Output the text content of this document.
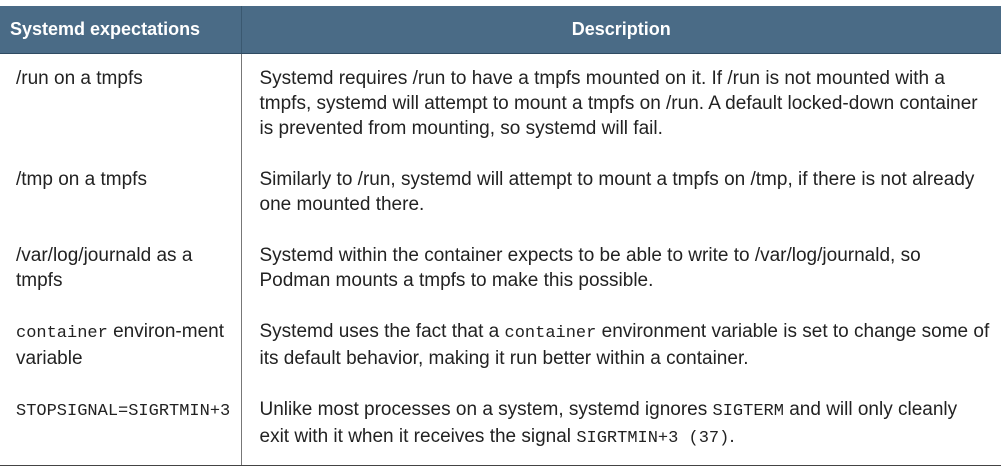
Systemd expectations	Description
/run on a tmpfs	Systemd requires /run to have a tmpfs mounted on it. If /run is not mounted with a tmpfs, systemd will attempt to mount a tmpfs on /run. A default locked-down container is prevented from mounting, so systemd will fail.
/tmp on a tmpfs	Similarly to /run, systemd will attempt to mount a tmpfs on /tmp, if there is not already one mounted there.
/var/log/journald as a tmpfs	Systemd within the container expects to be able to write to /var/log/journald, so Podman mounts a tmpfs to make this possible.
container environ-ment variable	Systemd uses the fact that a container environment variable is set to change some of its default behavior, making it run better within a container.
STOPSIGNAL=SIGRTMIN+3	Unlike most processes on a system, systemd ignores SIGTERM and will only cleanly exit with it when it receives the signal SIGRTMIN+3 (37).
